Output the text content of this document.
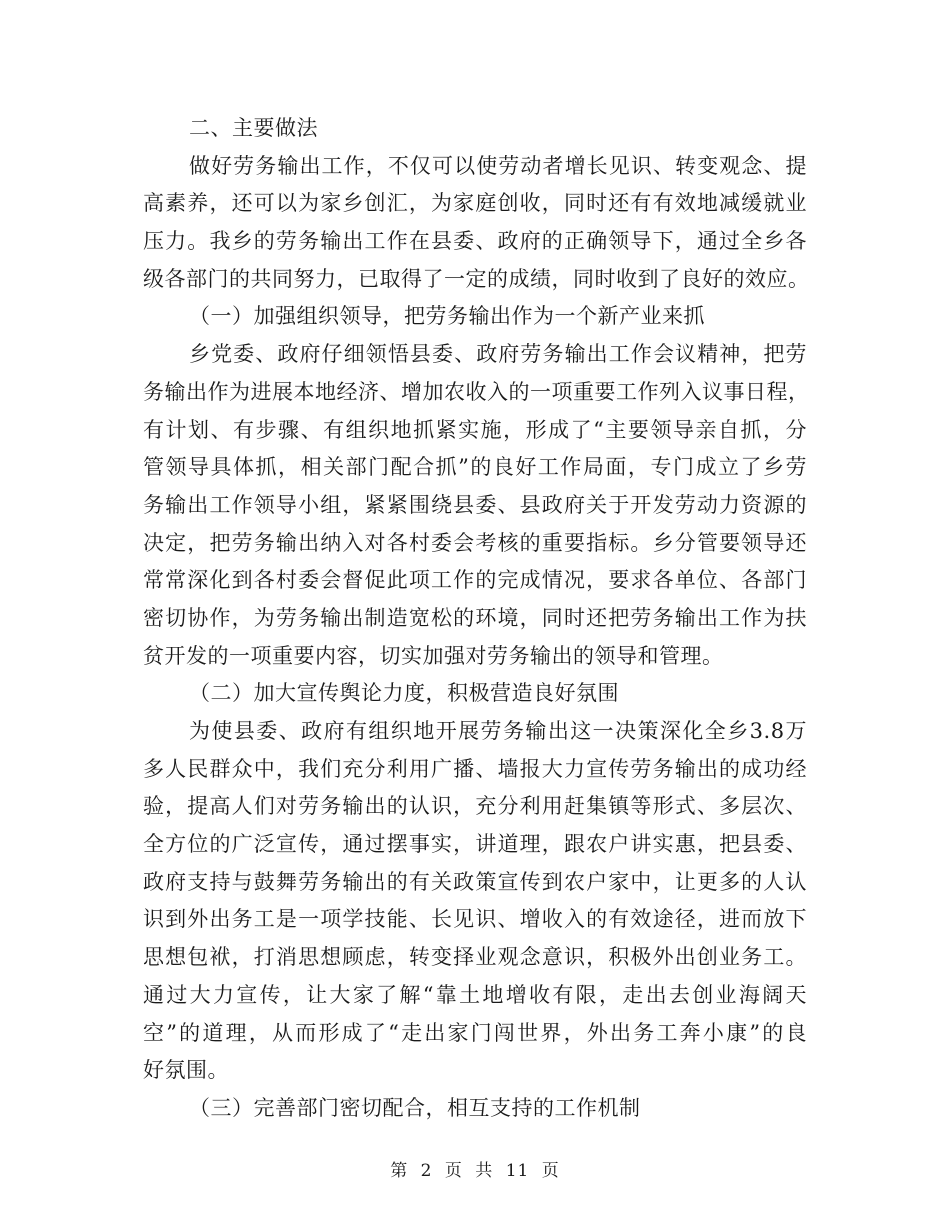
二、主要做法
做好劳务输出工作，不仅可以使劳动者增长见识、转变观念、提
高素养，还可以为家乡创汇，为家庭创收，同时还有有效地减缓就业
压力。我乡的劳务输出工作在县委、政府的正确领导下，通过全乡各
级各部门的共同努力，已取得了一定的成绩，同时收到了良好的效应。
（一）加强组织领导，把劳务输出作为一个新产业来抓
乡党委、政府仔细领悟县委、政府劳务输出工作会议精神，把劳
务输出作为进展本地经济、增加农收入的一项重要工作列入议事日程，
有计划、有步骤、有组织地抓紧实施，形成了“主要领导亲自抓，分
管领导具体抓，相关部门配合抓”的良好工作局面，专门成立了乡劳
务输出工作领导小组，紧紧围绕县委、县政府关于开发劳动力资源的
决定，把劳务输出纳入对各村委会考核的重要指标。乡分管要领导还
常常深化到各村委会督促此项工作的完成情况，要求各单位、各部门
密切协作，为劳务输出制造宽松的环境，同时还把劳务输出工作为扶
贫开发的一项重要内容，切实加强对劳务输出的领导和管理。
（二）加大宣传舆论力度，积极营造良好氛围
为使县委、政府有组织地开展劳务输出这一决策深化全乡3.8万
多人民群众中，我们充分利用广播、墙报大力宣传劳务输出的成功经
验，提高人们对劳务输出的认识，充分利用赶集镇等形式、多层次、
全方位的广泛宣传，通过摆事实，讲道理，跟农户讲实惠，把县委、
政府支持与鼓舞劳务输出的有关政策宣传到农户家中，让更多的人认
识到外出务工是一项学技能、长见识、增收入的有效途径，进而放下
思想包袱，打消思想顾虑，转变择业观念意识，积极外出创业务工。
通过大力宣传，让大家了解“靠土地增收有限，走出去创业海阔天
空”的道理，从而形成了“走出家门闯世界，外出务工奔小康”的良
好氛围。
（三）完善部门密切配合，相互支持的工作机制
第 2 页 共 11 页
